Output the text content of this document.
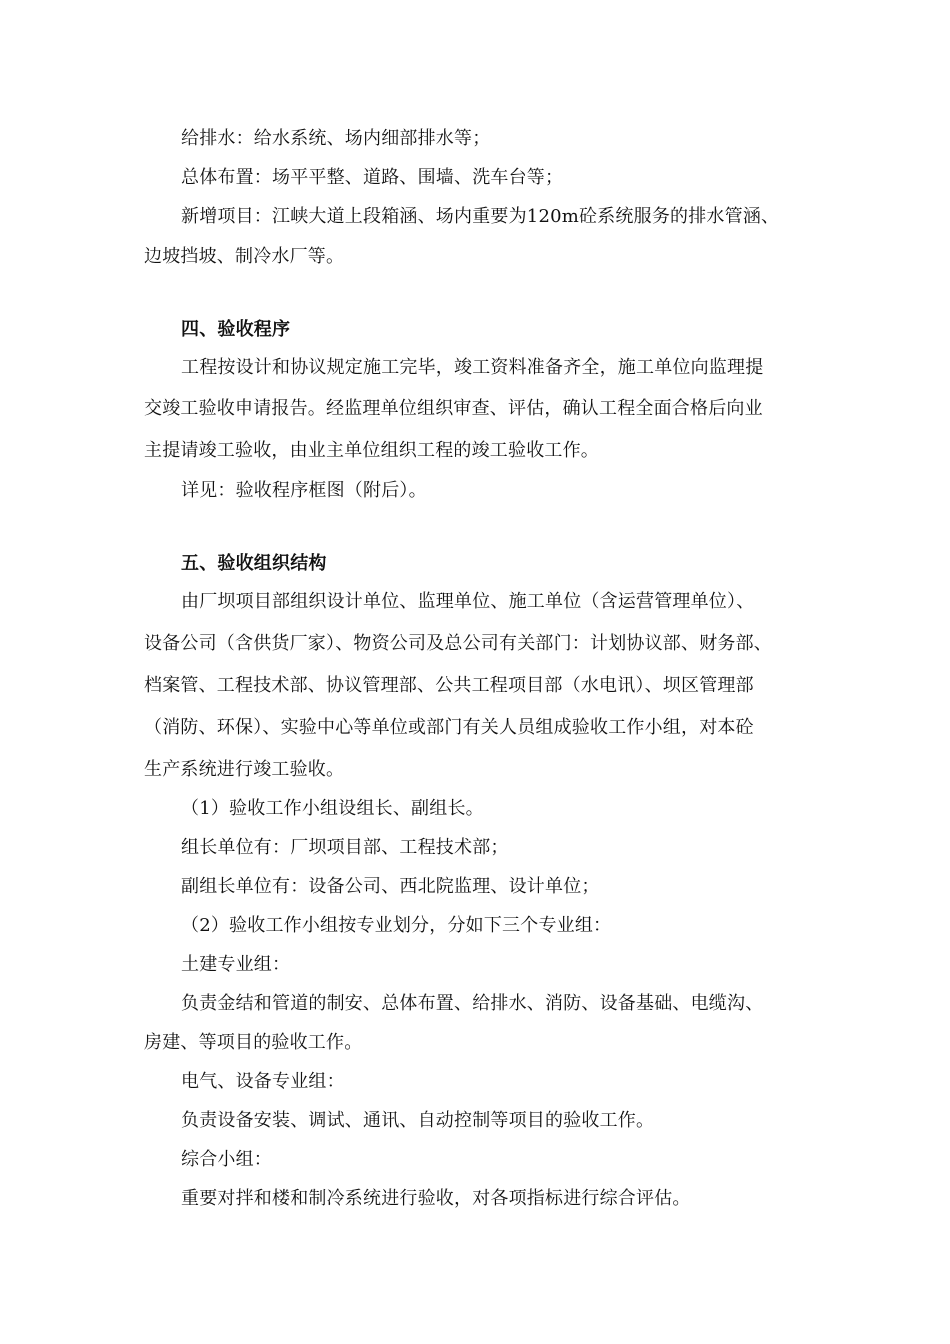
给排水：给水系统、场内细部排水等；
总体布置：场平平整、道路、围墙、洗车台等；
新增项目：江峡大道上段箱涵、场内重要为120m砼系统服务的排水管涵、
边坡挡坡、制冷水厂等。
四、验收程序
工程按设计和协议规定施工完毕，竣工资料准备齐全，施工单位向监理提
交竣工验收申请报告。经监理单位组织审查、评估，确认工程全面合格后向业
主提请竣工验收，由业主单位组织工程的竣工验收工作。
详见：验收程序框图（附后）。
五、验收组织结构
由厂坝项目部组织设计单位、监理单位、施工单位（含运营管理单位）、
设备公司（含供货厂家）、物资公司及总公司有关部门：计划协议部、财务部、
档案管、工程技术部、协议管理部、公共工程项目部（水电讯）、坝区管理部
（消防、环保）、实验中心等单位或部门有关人员组成验收工作小组，对本砼
生产系统进行竣工验收。
（1）验收工作小组设组长、副组长。
组长单位有：厂坝项目部、工程技术部；
副组长单位有：设备公司、西北院监理、设计单位；
（2）验收工作小组按专业划分，分如下三个专业组：
土建专业组：
负责金结和管道的制安、总体布置、给排水、消防、设备基础、电缆沟、
房建、等项目的验收工作。
电气、设备专业组：
负责设备安装、调试、通讯、自动控制等项目的验收工作。
综合小组：
重要对拌和楼和制冷系统进行验收，对各项指标进行综合评估。
